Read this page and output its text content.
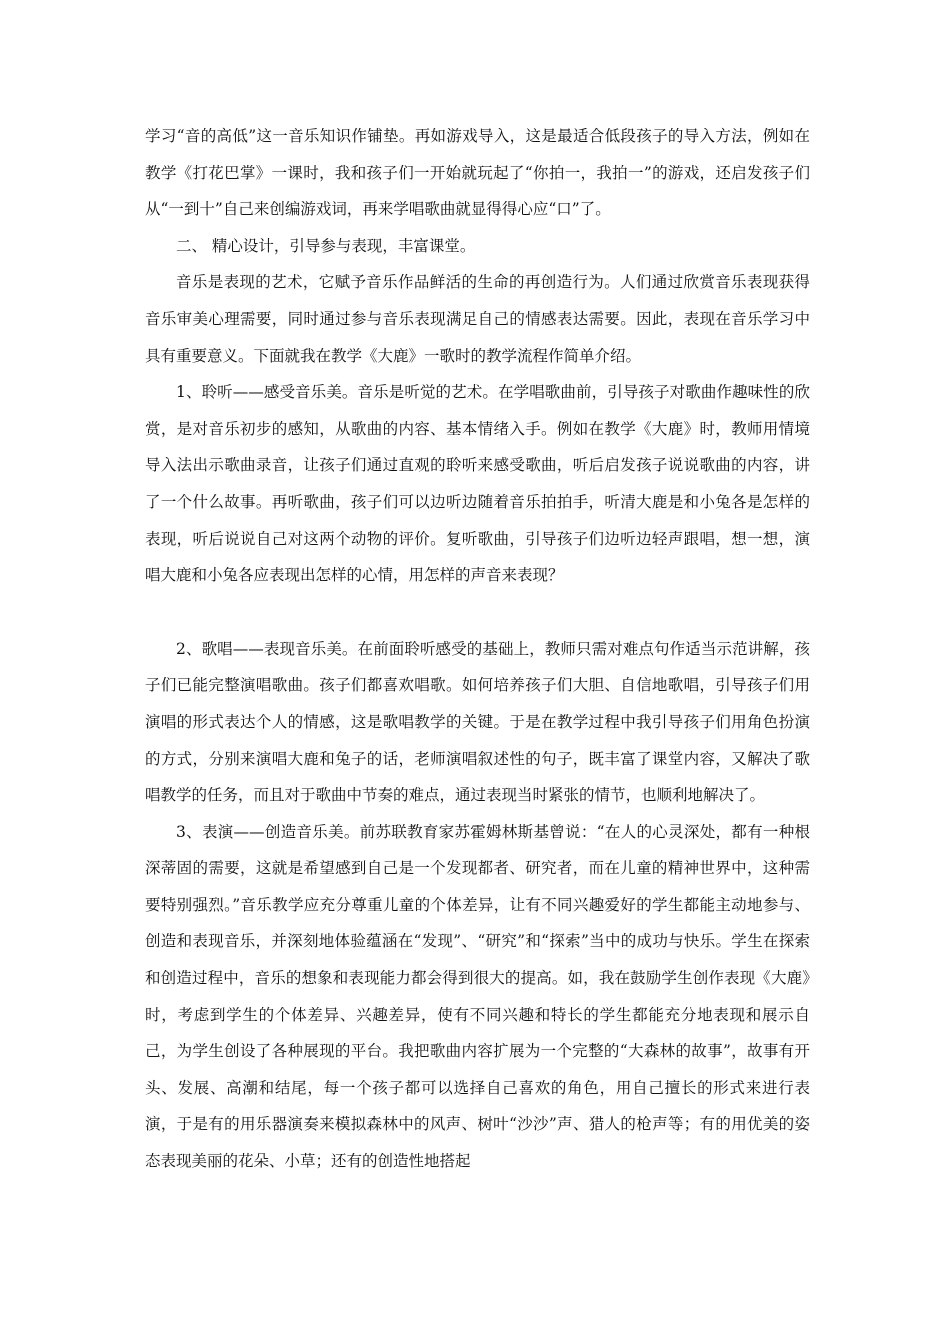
学习“音的高低”这一音乐知识作铺垫。再如游戏导入，这是最适合低段孩子的导入方法，例如在教学《打花巴掌》一课时，我和孩子们一开始就玩起了“你拍一，我拍一”的游戏，还启发孩子们从“一到十”自己来创编游戏词，再来学唱歌曲就显得得心应“口”了。

二、 精心设计，引导参与表现，丰富课堂。

音乐是表现的艺术，它赋予音乐作品鲜活的生命的再创造行为。人们通过欣赏音乐表现获得音乐审美心理需要，同时通过参与音乐表现满足自己的情感表达需要。因此，表现在音乐学习中具有重要意义。下面就我在教学《大鹿》一歌时的教学流程作简单介绍。

1、聆听——感受音乐美。音乐是听觉的艺术。在学唱歌曲前，引导孩子对歌曲作趣味性的欣赏，是对音乐初步的感知，从歌曲的内容、基本情绪入手。例如在教学《大鹿》时，教师用情境导入法出示歌曲录音，让孩子们通过直观的聆听来感受歌曲，听后启发孩子说说歌曲的内容，讲了一个什么故事。再听歌曲，孩子们可以边听边随着音乐拍拍手，听清大鹿是和小兔各是怎样的表现，听后说说自己对这两个动物的评价。复听歌曲，引导孩子们边听边轻声跟唱，想一想，演唱大鹿和小兔各应表现出怎样的心情，用怎样的声音来表现？

2、歌唱——表现音乐美。在前面聆听感受的基础上，教师只需对难点句作适当示范讲解，孩子们已能完整演唱歌曲。孩子们都喜欢唱歌。如何培养孩子们大胆、自信地歌唱，引导孩子们用演唱的形式表达个人的情感，这是歌唱教学的关键。于是在教学过程中我引导孩子们用角色扮演的方式，分别来演唱大鹿和兔子的话，老师演唱叙述性的句子，既丰富了课堂内容，又解决了歌唱教学的任务，而且对于歌曲中节奏的难点，通过表现当时紧张的情节，也顺利地解决了。

3、表演——创造音乐美。前苏联教育家苏霍姆林斯基曾说：“在人的心灵深处，都有一种根深蒂固的需要，这就是希望感到自己是一个发现都者、研究者，而在儿童的精神世界中，这种需要特别强烈。”音乐教学应充分尊重儿童的个体差异，让有不同兴趣爱好的学生都能主动地参与、创造和表现音乐，并深刻地体验蕴涵在“发现”、“研究”和“探索”当中的成功与快乐。学生在探索和创造过程中，音乐的想象和表现能力都会得到很大的提高。如，我在鼓励学生创作表现《大鹿》时，考虑到学生的个体差异、兴趣差异，使有不同兴趣和特长的学生都能充分地表现和展示自己，为学生创设了各种展现的平台。我把歌曲内容扩展为一个完整的“大森林的故事”，故事有开头、发展、高潮和结尾，每一个孩子都可以选择自己喜欢的角色，用自己擅长的形式来进行表演，于是有的用乐器演奏来模拟森林中的风声、树叶“沙沙”声、猎人的枪声等；有的用优美的姿态表现美丽的花朵、小草；还有的创造性地搭起
